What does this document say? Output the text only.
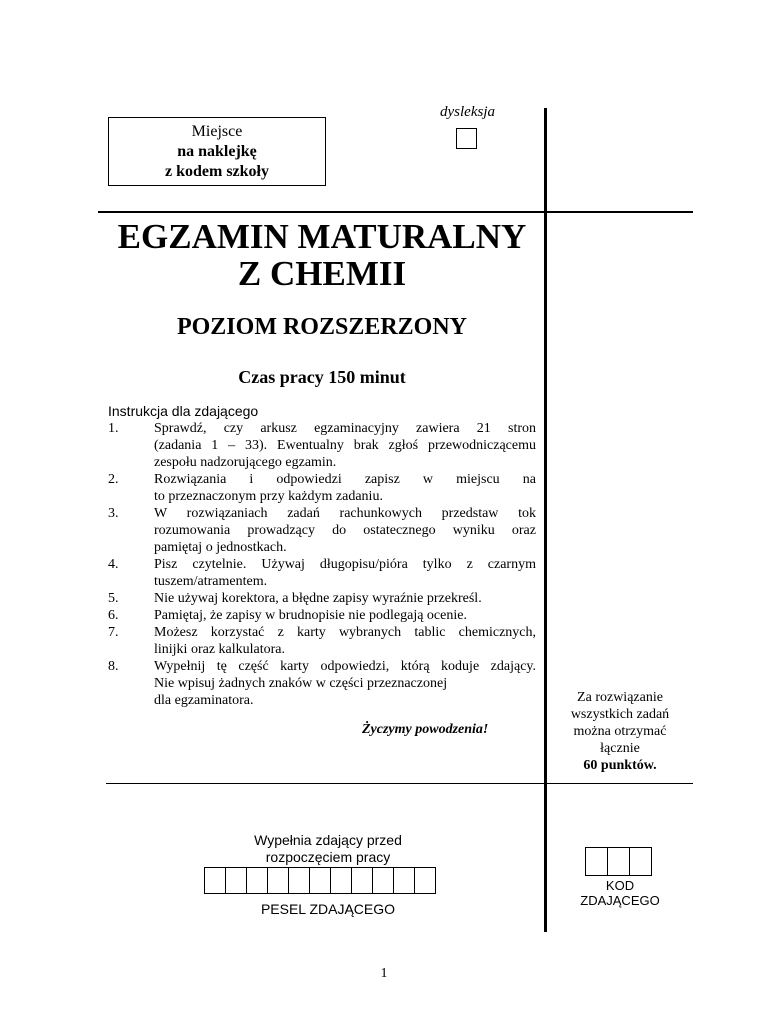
Miejsce
na naklejkę
z kodem szkoły
dysleksja
EGZAMIN MATURALNY
Z CHEMII
POZIOM ROZSZERZONY
Czas pracy 150 minut
Instrukcja dla zdającego
1.	Sprawdź, czy arkusz egzaminacyjny zawiera 21 stron
(zadania 1 – 33). Ewentualny brak zgłoś przewodniczącemu
zespołu nadzorującego egzamin.
2.	Rozwiązania i odpowiedzi zapisz w miejscu na
to przeznaczonym przy każdym zadaniu.
3.	W rozwiązaniach zadań rachunkowych przedstaw tok
rozumowania prowadzący do ostatecznego wyniku oraz
pamiętaj o jednostkach.
4.	Pisz czytelnie. Używaj długopisu/pióra tylko z czarnym
tuszem/atramentem.
5.	Nie używaj korektora, a błędne zapisy wyraźnie przekreśl.
6.	Pamiętaj, że zapisy w brudnopisie nie podlegają ocenie.
7.	Możesz korzystać z karty wybranych tablic chemicznych,
linijki oraz kalkulatora.
8.	Wypełnij tę część karty odpowiedzi, którą koduje zdający.
Nie wpisuj żadnych znaków w części przeznaczonej
dla egzaminatora.
Życzymy powodzenia!
Za rozwiązanie
wszystkich zadań
można otrzymać
łącznie
60 punktów.
Wypełnia zdający przed
rozpoczęciem pracy
PESEL ZDAJĄCEGO
KOD
ZDAJĄCEGO
1
